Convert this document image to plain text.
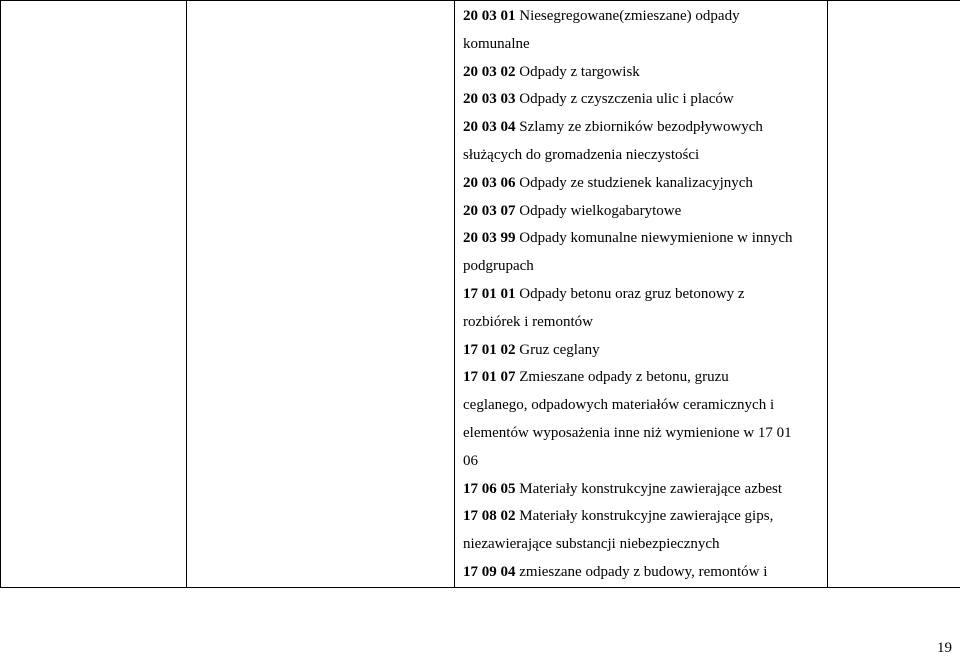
20 03 01 Niesegregowane(zmieszane) odpady
komunalne
20 03 02 Odpady z targowisk
20 03 03 Odpady z czyszczenia ulic i placów
20 03 04 Szlamy ze zbiorników bezodpływowych
służących do gromadzenia nieczystości
20 03 06 Odpady ze studzienek kanalizacyjnych
20 03 07 Odpady wielkogabarytowe
20 03 99 Odpady komunalne niewymienione w innych
podgrupach
17 01 01 Odpady betonu oraz gruz betonowy z
rozbiórek i remontów
17 01 02 Gruz ceglany
17 01 07 Zmieszane odpady z betonu, gruzu
ceglanego, odpadowych materiałów ceramicznych i
elementów wyposażenia inne niż wymienione w 17 01
06
17 06 05 Materiały konstrukcyjne zawierające azbest
17 08 02 Materiały konstrukcyjne zawierające gips,
niezawierające substancji niebezpiecznych
17 09 04 zmieszane odpady z budowy, remontów i

19
